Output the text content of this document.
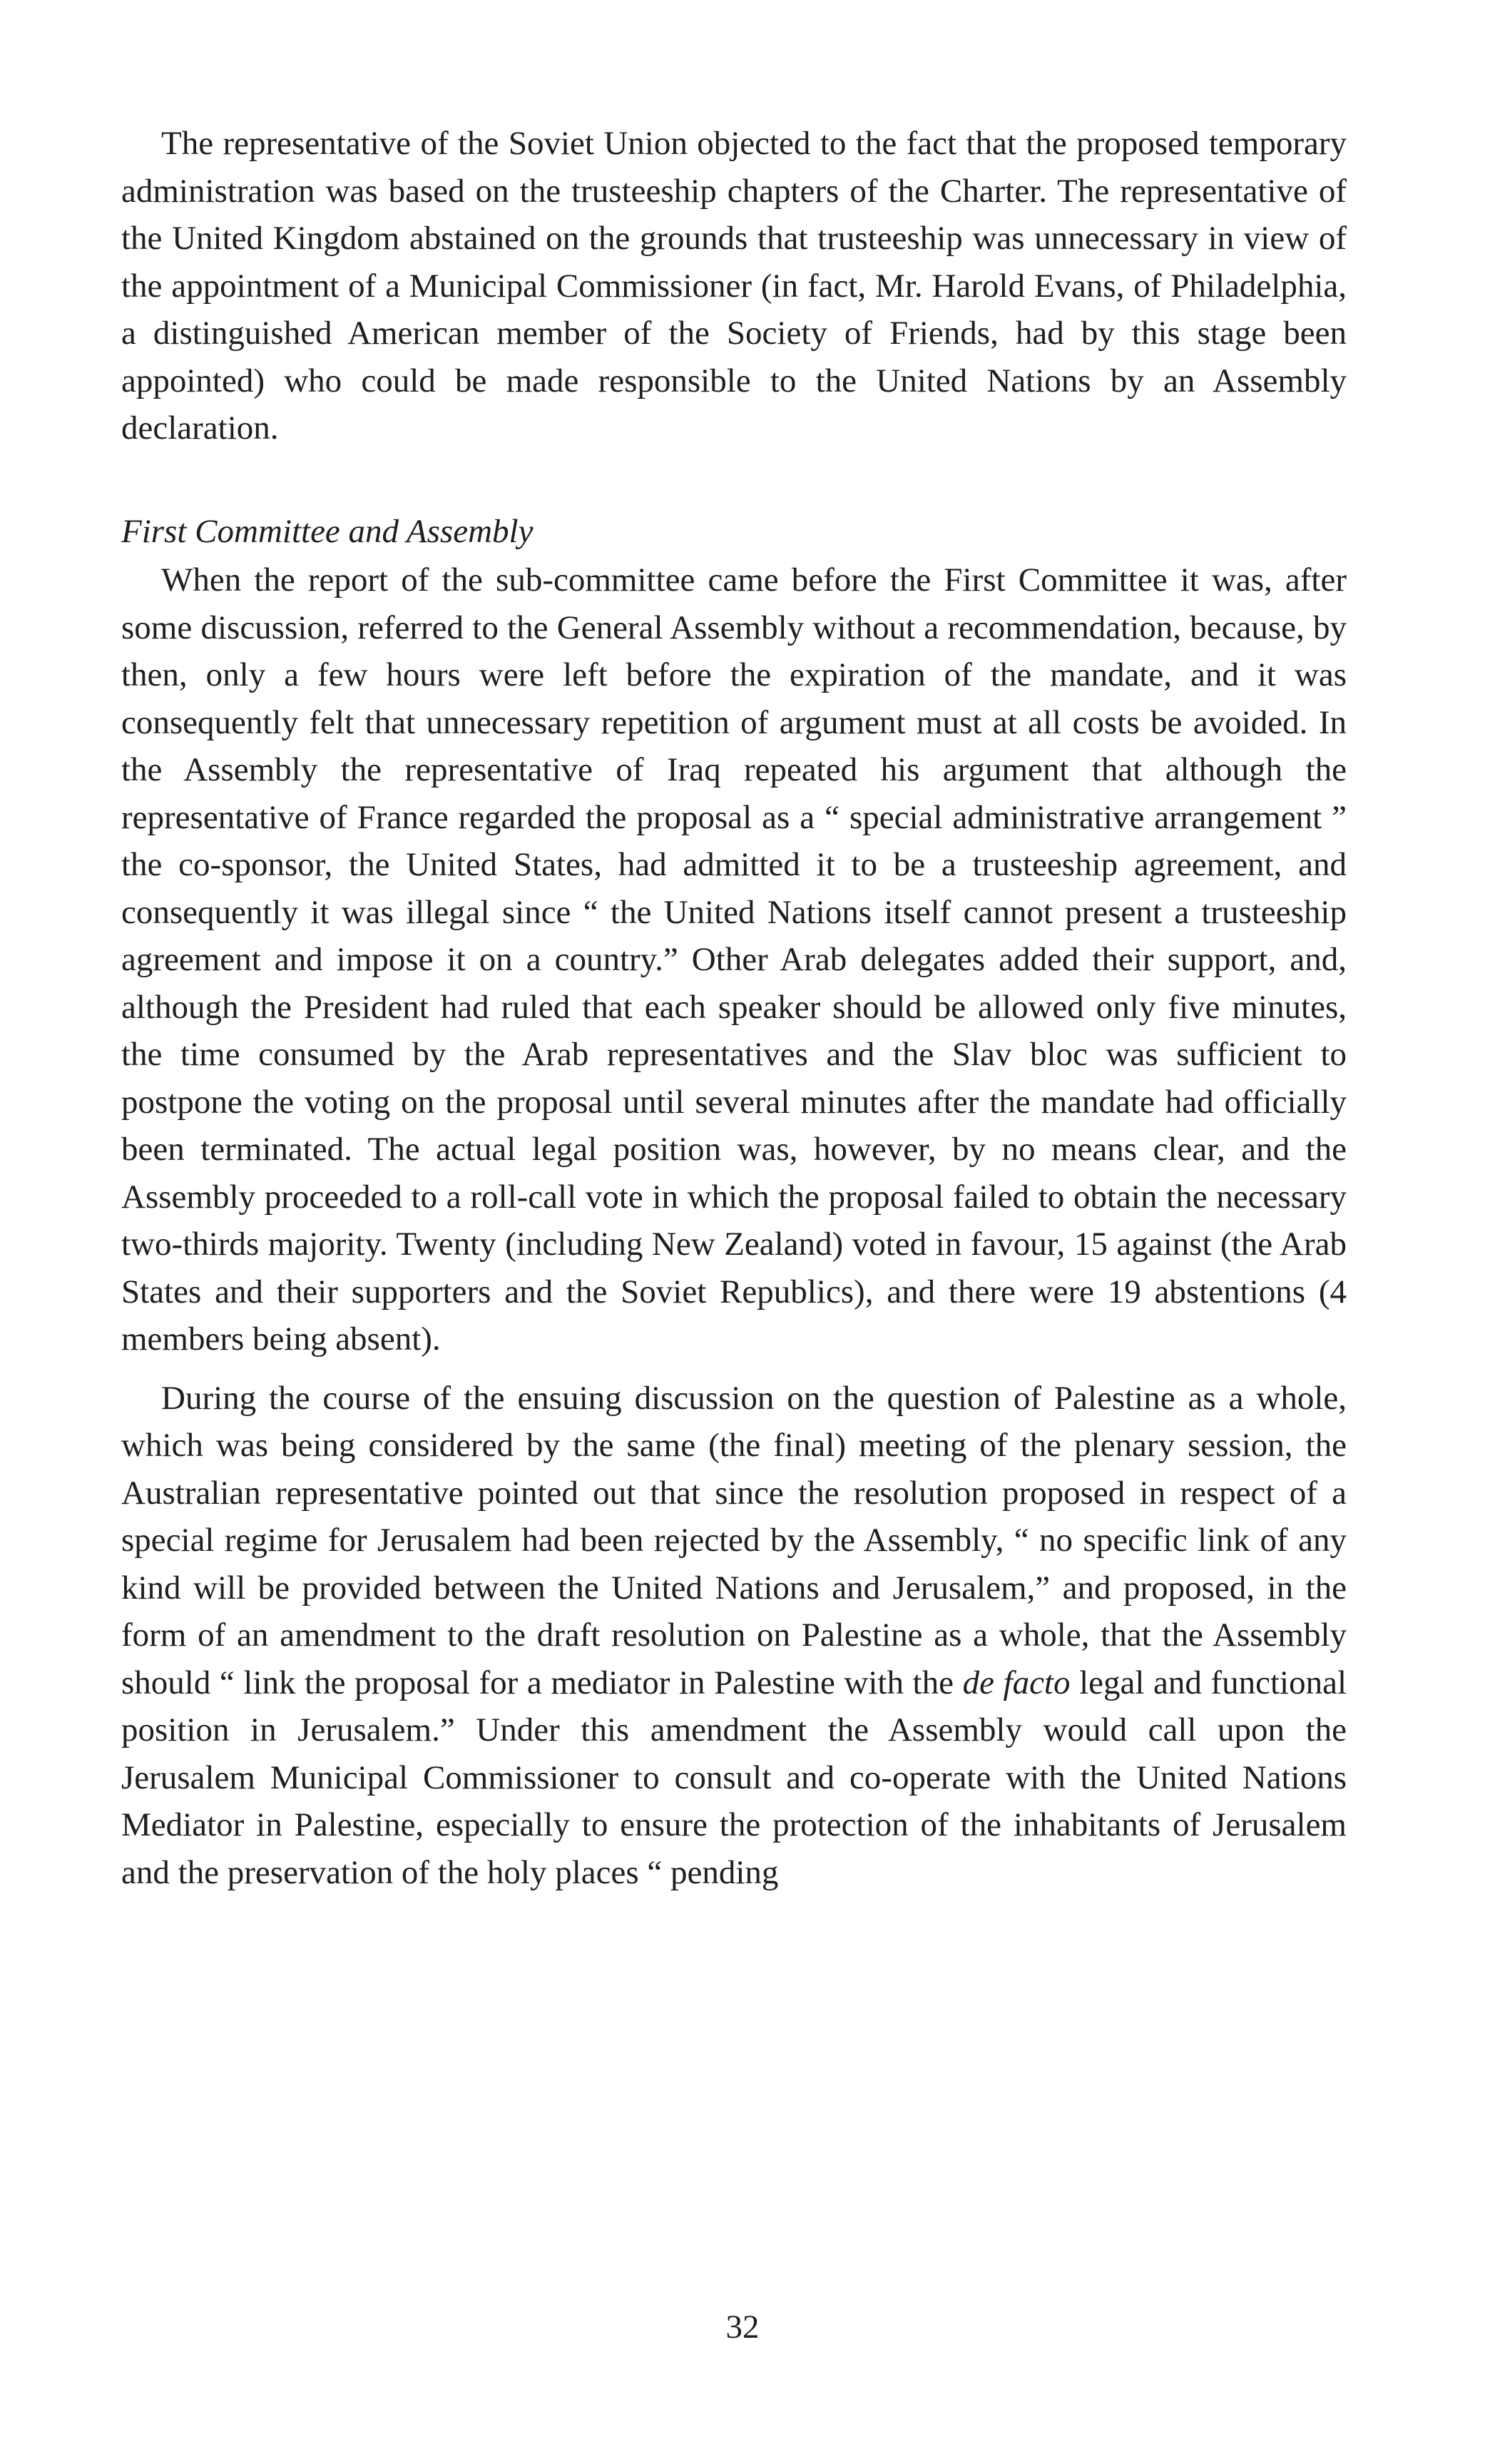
The representative of the Soviet Union objected to the fact that the proposed temporary administration was based on the trusteeship chapters of the Charter. The representative of the United Kingdom abstained on the grounds that trusteeship was unnecessary in view of the appointment of a Municipal Commissioner (in fact, Mr. Harold Evans, of Philadelphia, a distinguished American member of the Society of Friends, had by this stage been appointed) who could be made responsible to the United Nations by an Assembly declaration.

First Committee and Assembly

When the report of the sub-committee came before the First Committee it was, after some discussion, referred to the General Assembly without a recommendation, because, by then, only a few hours were left before the expiration of the mandate, and it was consequently felt that unnecessary repetition of argument must at all costs be avoided. In the Assembly the representative of Iraq repeated his argument that although the representative of France regarded the proposal as a “ special administrative arrangement ” the co-sponsor, the United States, had admitted it to be a trusteeship agreement, and consequently it was illegal since “ the United Nations itself cannot present a trusteeship agreement and impose it on a country.” Other Arab delegates added their support, and, although the President had ruled that each speaker should be allowed only five minutes, the time consumed by the Arab representatives and the Slav bloc was sufficient to postpone the voting on the proposal until several minutes after the mandate had officially been terminated. The actual legal position was, however, by no means clear, and the Assembly proceeded to a roll-call vote in which the proposal failed to obtain the necessary two-thirds majority. Twenty (including New Zealand) voted in favour, 15 against (the Arab States and their supporters and the Soviet Republics), and there were 19 abstentions (4 members being absent).

During the course of the ensuing discussion on the question of Palestine as a whole, which was being considered by the same (the final) meeting of the plenary session, the Australian representative pointed out that since the resolution proposed in respect of a special regime for Jerusalem had been rejected by the Assembly, “ no specific link of any kind will be provided between the United Nations and Jerusalem,” and proposed, in the form of an amendment to the draft resolution on Palestine as a whole, that the Assembly should “ link the proposal for a mediator in Palestine with the de facto legal and functional position in Jerusalem.” Under this amendment the Assembly would call upon the Jerusalem Municipal Commissioner to consult and co-operate with the United Nations Mediator in Palestine, especially to ensure the protection of the inhabitants of Jerusalem and the preservation of the holy places “ pending

32
